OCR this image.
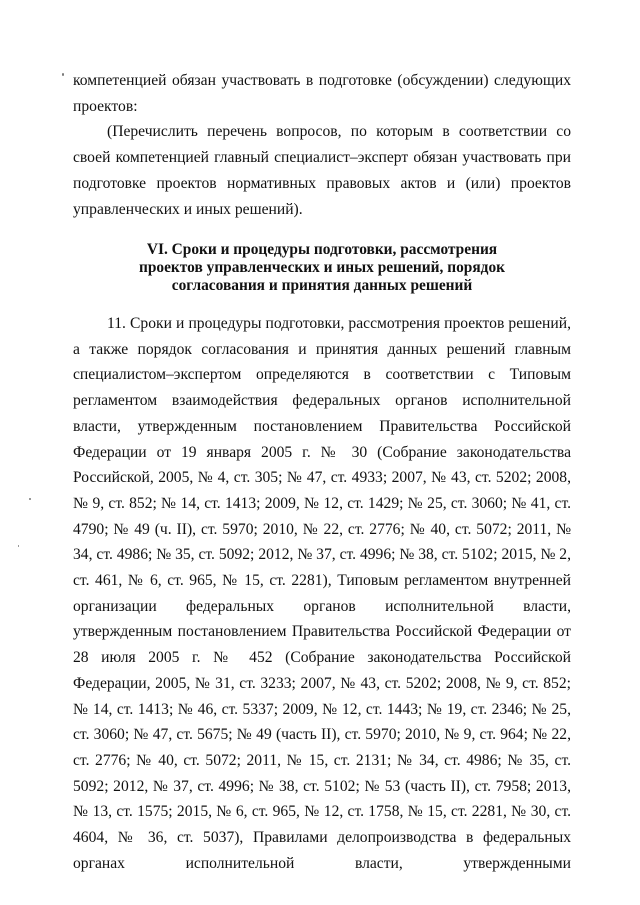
компетенцией обязан участвовать в подготовке (обсуждении) следующих проектов:

(Перечислить перечень вопросов, по которым в соответствии со своей компетенцией главный специалист–эксперт обязан участвовать при подготовке проектов нормативных правовых актов и (или) проектов управленческих и иных решений).

VI. Сроки и процедуры подготовки, рассмотрения
проектов управленческих и иных решений, порядок
согласования и принятия данных решений

11. Сроки и процедуры подготовки, рассмотрения проектов решений, а также порядок согласования и принятия данных решений главным специалистом–экспертом определяются в соответствии с Типовым регламентом взаимодействия федеральных органов исполнительной власти, утвержденным постановлением Правительства Российской Федерации от 19 января 2005 г. № 30 (Собрание законодательства Российской, 2005, № 4, ст. 305; № 47, ст. 4933; 2007, № 43, ст. 5202; 2008, № 9, ст. 852; № 14, ст. 1413; 2009, № 12, ст. 1429; № 25, ст. 3060; № 41, ст. 4790; № 49 (ч. II), ст. 5970; 2010, № 22, ст. 2776; № 40, ст. 5072; 2011, № 34, ст. 4986; № 35, ст. 5092; 2012, № 37, ст. 4996; № 38, ст. 5102; 2015, № 2, ст. 461, № 6, ст. 965, № 15, ст. 2281), Типовым регламентом внутренней организации федеральных органов исполнительной власти, утвержденным постановлением Правительства Российской Федерации от 28 июля 2005 г. № 452 (Собрание законодательства Российской Федерации, 2005, № 31, ст. 3233; 2007, № 43, ст. 5202; 2008, № 9, ст. 852; № 14, ст. 1413; № 46, ст. 5337; 2009, № 12, ст. 1443; № 19, ст. 2346; № 25, ст. 3060; № 47, ст. 5675; № 49 (часть II), ст. 5970; 2010, № 9, ст. 964; № 22, ст. 2776; № 40, ст. 5072; 2011, № 15, ст. 2131; № 34, ст. 4986; № 35, ст. 5092; 2012, № 37, ст. 4996; № 38, ст. 5102; № 53 (часть II), ст. 7958; 2013, № 13, ст. 1575; 2015, № 6, ст. 965, № 12, ст. 1758, № 15, ст. 2281, № 30, ст. 4604, № 36, ст. 5037), Правилами делопроизводства в федеральных органах исполнительной власти, утвержденными
